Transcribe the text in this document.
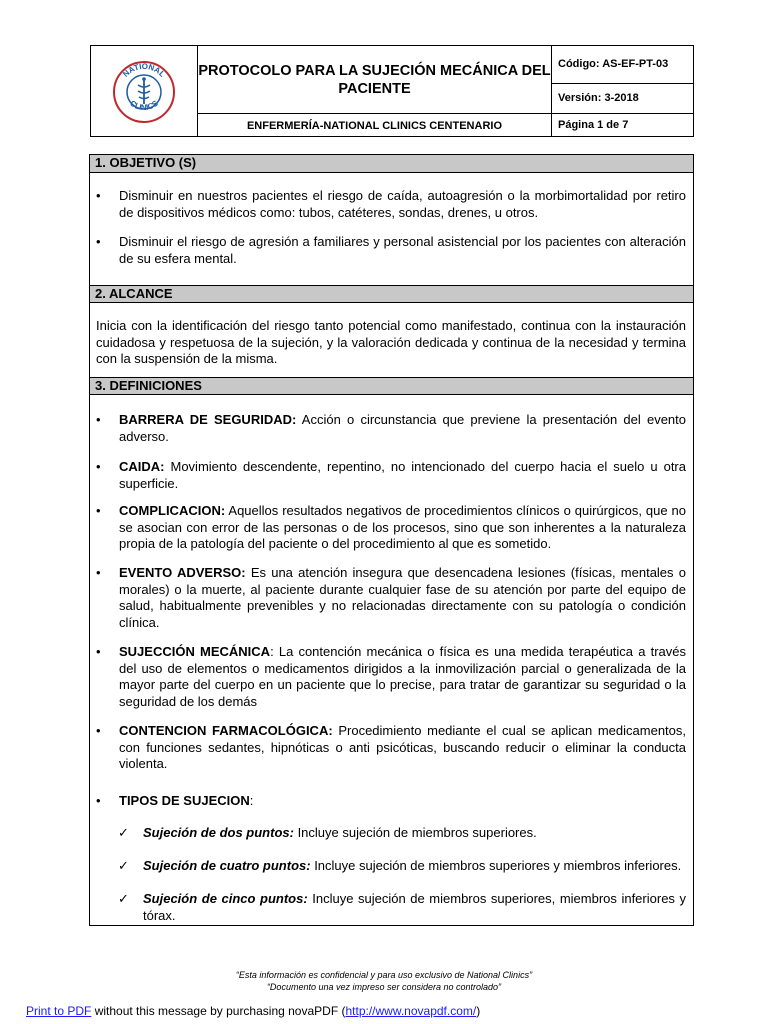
NATIONAL
CLINICS
PROTOCOLO PARA LA SUJECIÓN MECÁNICA DEL PACIENTE
ENFERMERÍA-NATIONAL CLINICS CENTENARIO
Código: AS-EF-PT-03
Versión: 3-2018
Página 1 de 7
1. OBJETIVO (S)
• Disminuir en nuestros pacientes el riesgo de caída, autoagresión o la morbimortalidad por retiro de dispositivos médicos como: tubos, catéteres, sondas, drenes, u otros.
• Disminuir el riesgo de agresión a familiares y personal asistencial por los pacientes con alteración de su esfera mental.
2. ALCANCE
Inicia con la identificación del riesgo tanto potencial como manifestado, continua con la instauración cuidadosa y respetuosa de la sujeción, y la valoración dedicada y continua de la necesidad y termina con la suspensión de la misma.
3. DEFINICIONES
• BARRERA DE SEGURIDAD: Acción o circunstancia que previene la presentación del evento adverso.
• CAIDA: Movimiento descendente, repentino, no intencionado del cuerpo hacia el suelo u otra superficie.
• COMPLICACION: Aquellos resultados negativos de procedimientos clínicos o quirúrgicos, que no se asocian con error de las personas o de los procesos, sino que son inherentes a la naturaleza propia de la patología del paciente o del procedimiento al que es sometido.
• EVENTO ADVERSO: Es una atención insegura que desencadena lesiones (físicas, mentales o morales) o la muerte, al paciente durante cualquier fase de su atención por parte del equipo de salud, habitualmente prevenibles y no relacionadas directamente con su patología o condición clínica.
• SUJECCIÓN MECÁNICA: La contención mecánica o física es una medida terapéutica a través del uso de elementos o medicamentos dirigidos a la inmovilización parcial o generalizada de la mayor parte del cuerpo en un paciente que lo precise, para tratar de garantizar su seguridad o la seguridad de los demás
• CONTENCION FARMACOLÓGICA: Procedimiento mediante el cual se aplican medicamentos, con funciones sedantes, hipnóticas o anti psicóticas, buscando reducir o eliminar la conducta violenta.
• TIPOS DE SUJECION:
✓ Sujeción de dos puntos: Incluye sujeción de miembros superiores.
✓ Sujeción de cuatro puntos: Incluye sujeción de miembros superiores y miembros inferiores.
✓ Sujeción de cinco puntos: Incluye sujeción de miembros superiores, miembros inferiores y tórax.
“Esta información es confidencial y para uso exclusivo de National Clinics”
“Documento una vez impreso ser considera no controlado”
Print to PDF without this message by purchasing novaPDF (http://www.novapdf.com/)
